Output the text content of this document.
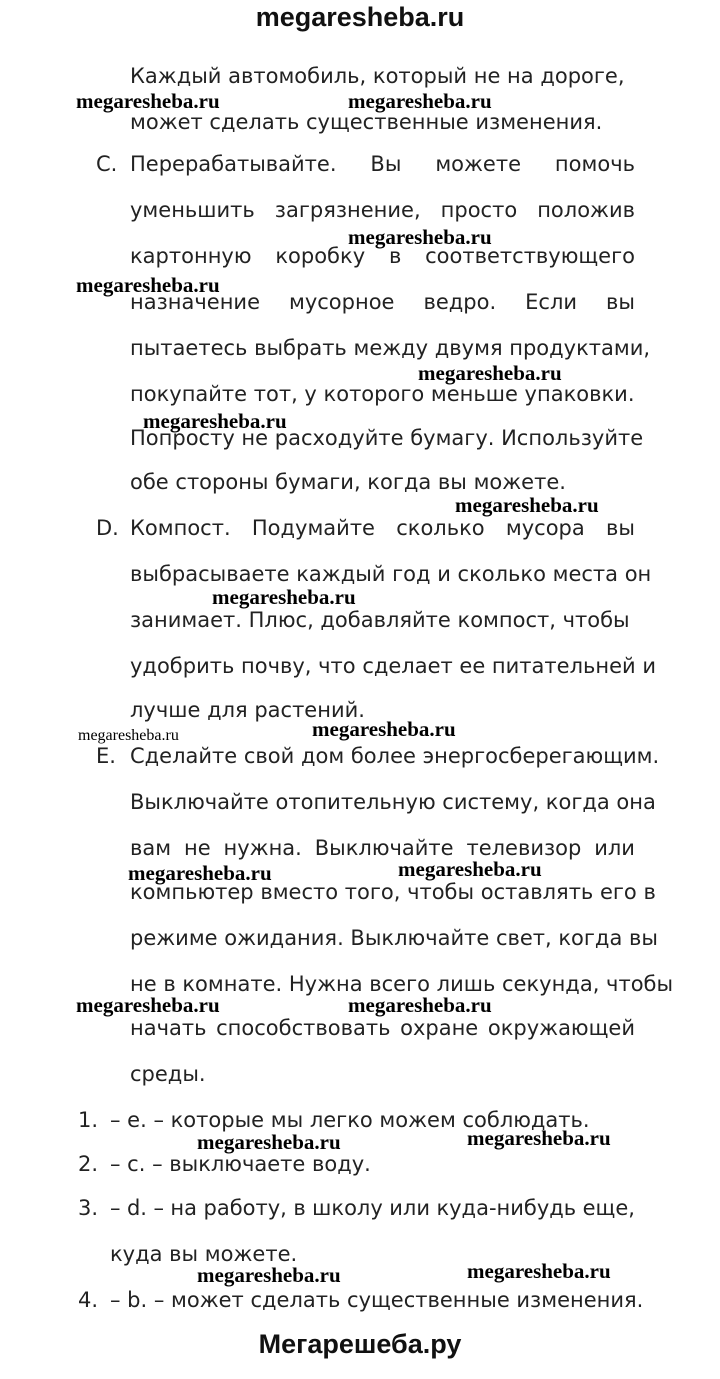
megaresheba.ru
Каждый автомобиль, который не на дороге,
может сделать существенные изменения.
C. Перерабатывайте. Вы можете помочь
уменьшить загрязнение, просто положив
картонную коробку в соответствующего
назначение мусорное ведро. Если вы
пытаетесь выбрать между двумя продуктами,
покупайте тот, у которого меньше упаковки.
Попросту не расходуйте бумагу. Используйте
обе стороны бумаги, когда вы можете.
D. Компост. Подумайте сколько мусора вы
выбрасываете каждый год и сколько места он
занимает. Плюс, добавляйте компост, чтобы
удобрить почву, что сделает ее питательней и
лучше для растений.
E. Сделайте свой дом более энергосберегающим.
Выключайте отопительную систему, когда она
вам не нужна. Выключайте телевизор или
компьютер вместо того, чтобы оставлять его в
режиме ожидания. Выключайте свет, когда вы
не в комнате. Нужна всего лишь секунда, чтобы
начать способствовать охране окружающей
среды.
1. – e. – которые мы легко можем соблюдать.
2. – c. – выключаете воду.
3. – d. – на работу, в школу или куда-нибудь еще,
куда вы можете.
4. – b. – может сделать существенные изменения.
megaresheba.ru	megaresheba.ru
megaresheba.ru
megaresheba.ru
megaresheba.ru
megaresheba.ru
megaresheba.ru
megaresheba.ru
megaresheba.ru	megaresheba.ru
megaresheba.ru	megaresheba.ru
megaresheba.ru	megaresheba.ru
megaresheba.ru	megaresheba.ru
megaresheba.ru	megaresheba.ru
Мегарешеба.ру
